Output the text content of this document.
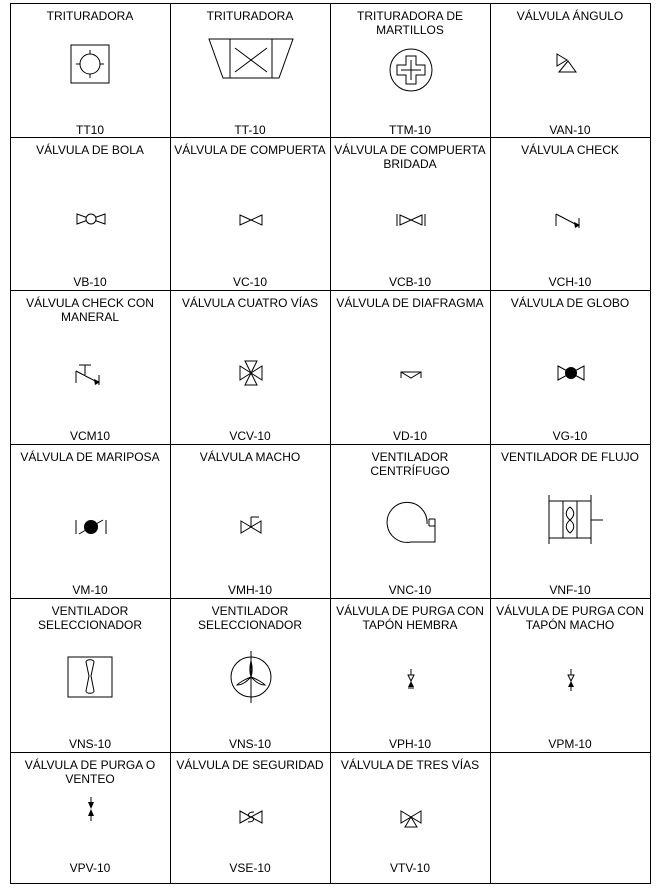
TRITURADORA
TT10
TRITURADORA
TT-10
TRITURADORA DE MARTILLOS
TTM-10
VÁLVULA ÁNGULO
VAN-10
VÁLVULA DE BOLA
VB-10
VÁLVULA DE COMPUERTA
VC-10
VÁLVULA DE COMPUERTA BRIDADA
VCB-10
VÁLVULA CHECK
VCH-10
VÁLVULA CHECK CON MANERAL
VCM10
VÁLVULA CUATRO VÍAS
VCV-10
VÁLVULA DE DIAFRAGMA
VD-10
VÁLVULA DE GLOBO
VG-10
VÁLVULA DE MARIPOSA
VM-10
VÁLVULA MACHO
VMH-10
VENTILADOR CENTRÍFUGO
VNC-10
VENTILADOR DE FLUJO
VNF-10
VENTILADOR SELECCIONADOR
VNS-10
VENTILADOR SELECCIONADOR
VNS-10
VÁLVULA DE PURGA CON TAPÓN HEMBRA
VPH-10
VÁLVULA DE PURGA CON TAPÓN MACHO
VPM-10
VÁLVULA DE PURGA O VENTEO
VPV-10
VÁLVULA DE SEGURIDAD
VSE-10
VÁLVULA DE TRES VÍAS
VTV-10
